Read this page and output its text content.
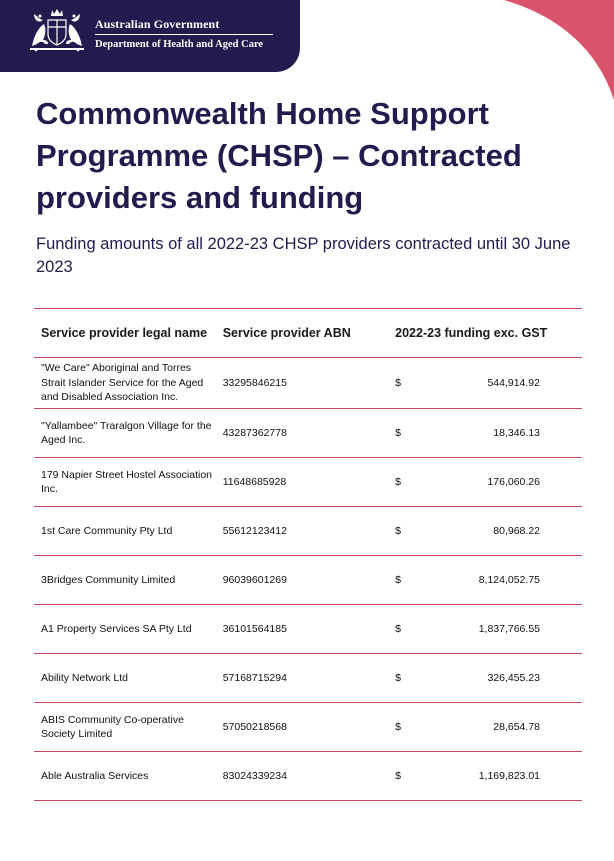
Australian Government
Department of Health and Aged Care
Commonwealth Home Support Programme (CHSP) – Contracted providers and funding

Funding amounts of all 2022-23 CHSP providers contracted until 30 June 2023

Service provider legal name	Service provider ABN	2022-23 funding exc. GST	
"We Care" Aboriginal and Torres Strait Islander Service for the Aged and Disabled Association Inc.	33295846215	$	544,914.92
"Yallambee" Traralgon Village for the Aged Inc.	43287362778	$	18,346.13
179 Napier Street Hostel Association Inc.	11648685928	$	176,060.26
1st Care Community Pty Ltd	55612123412	$	80,968.22
3Bridges Community Limited	96039601269	$	8,124,052.75
A1 Property Services SA Pty Ltd	36101564185	$	1,837,766.55
Ability Network Ltd	57168715294	$	326,455.23
ABIS Community Co-operative Society Limited	57050218568	$	28,654.78
Able Australia Services	83024339234	$	1,169,823.01
